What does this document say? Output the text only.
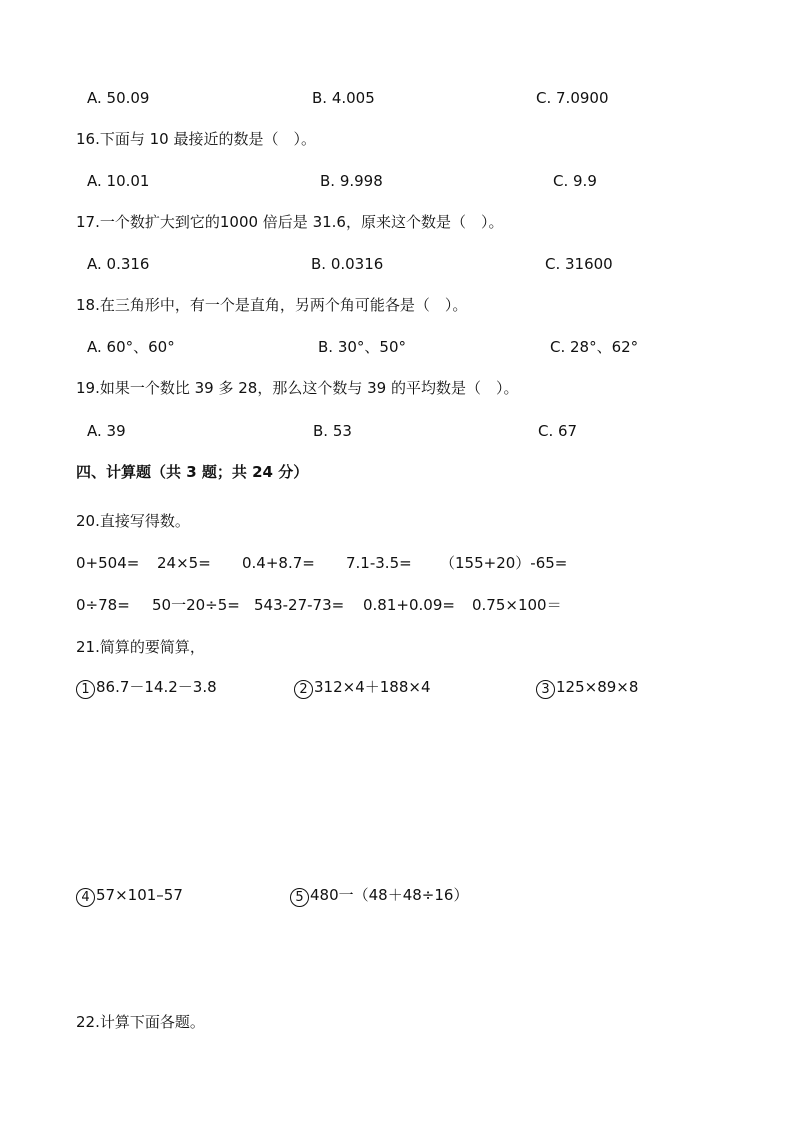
A. 50.09	B. 4.005	C. 7.0900
16.下面与 10 最接近的数是（　）。
A. 10.01	B. 9.998	C. 9.9
17.一个数扩大到它的1000 倍后是 31.6，原来这个数是（　）。
A. 0.316	B. 0.0316	C. 31600
18.在三角形中，有一个是直角，另两个角可能各是（　）。
A. 60°、60°	B. 30°、50°	C. 28°、62°
19.如果一个数比 39 多 28，那么这个数与 39 的平均数是（　）。
A. 39	B. 53	C. 67
四、计算题（共 3 题；共 24 分）
20.直接写得数。
0+504= 24×5= 0.4+8.7= 7.1-3.5= （155+20）-65=
0÷78= 50一20÷5= 543-27-73= 0.81+0.09= 0.75×100＝
21.简算的要简算，
1 86.7－14.2－3.8	2 312×4＋188×4	3 125×89×8
4 57×101–57	5 480一（48＋48÷16）
22.计算下面各题。
